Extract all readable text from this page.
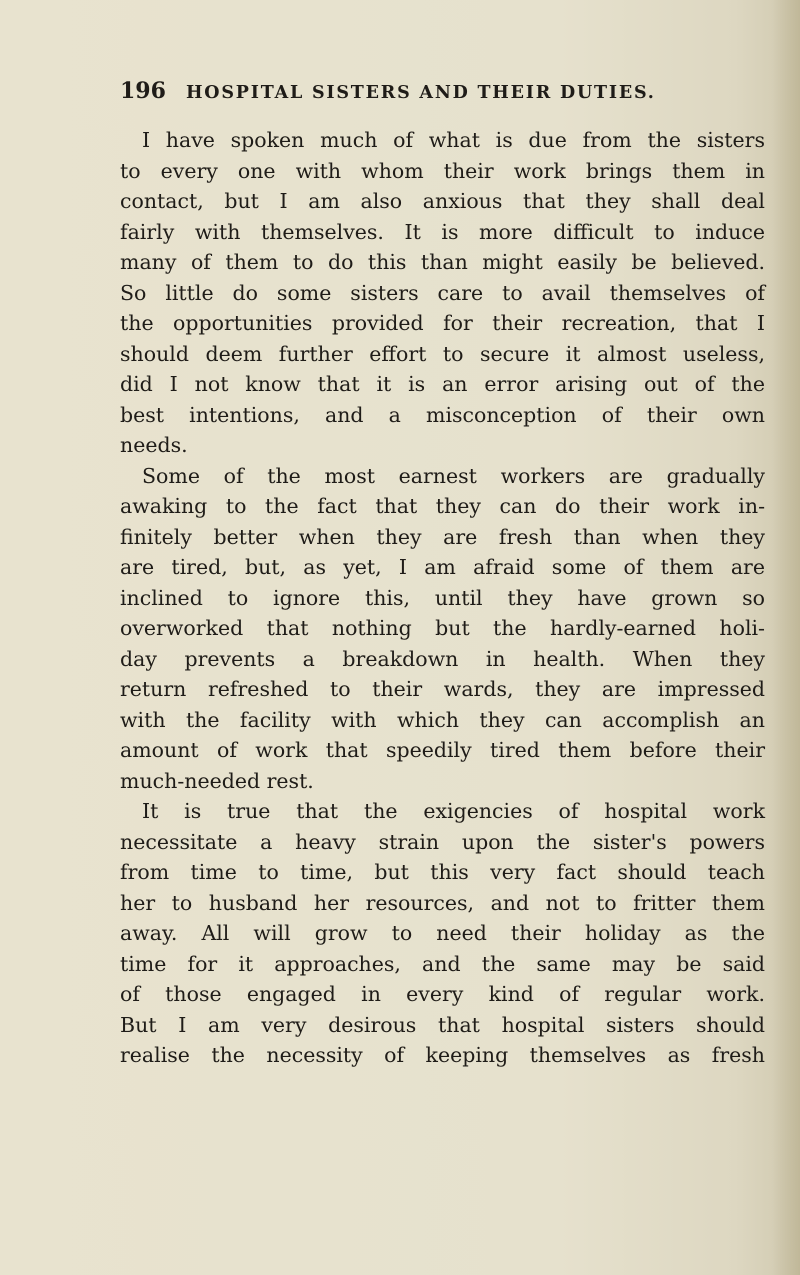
196 HOSPITAL SISTERS AND THEIR DUTIES.
I have spoken much of what is due from the sisters
to every one with whom their work brings them in
contact, but I am also anxious that they shall deal
fairly with themselves. It is more difficult to induce
many of them to do this than might easily be believed.
So little do some sisters care to avail themselves of
the opportunities provided for their recreation, that I
should deem further effort to secure it almost useless,
did I not know that it is an error arising out of the
best intentions, and a misconception of their own
needs.
Some of the most earnest workers are gradually
awaking to the fact that they can do their work in-
finitely better when they are fresh than when they
are tired, but, as yet, I am afraid some of them are
inclined to ignore this, until they have grown so
overworked that nothing but the hardly-earned holi-
day prevents a breakdown in health. When they
return refreshed to their wards, they are impressed
with the facility with which they can accomplish an
amount of work that speedily tired them before their
much-needed rest.
It is true that the exigencies of hospital work
necessitate a heavy strain upon the sister's powers
from time to time, but this very fact should teach
her to husband her resources, and not to fritter them
away. All will grow to need their holiday as the
time for it approaches, and the same may be said
of those engaged in every kind of regular work.
But I am very desirous that hospital sisters should
realise the necessity of keeping themselves as fresh
